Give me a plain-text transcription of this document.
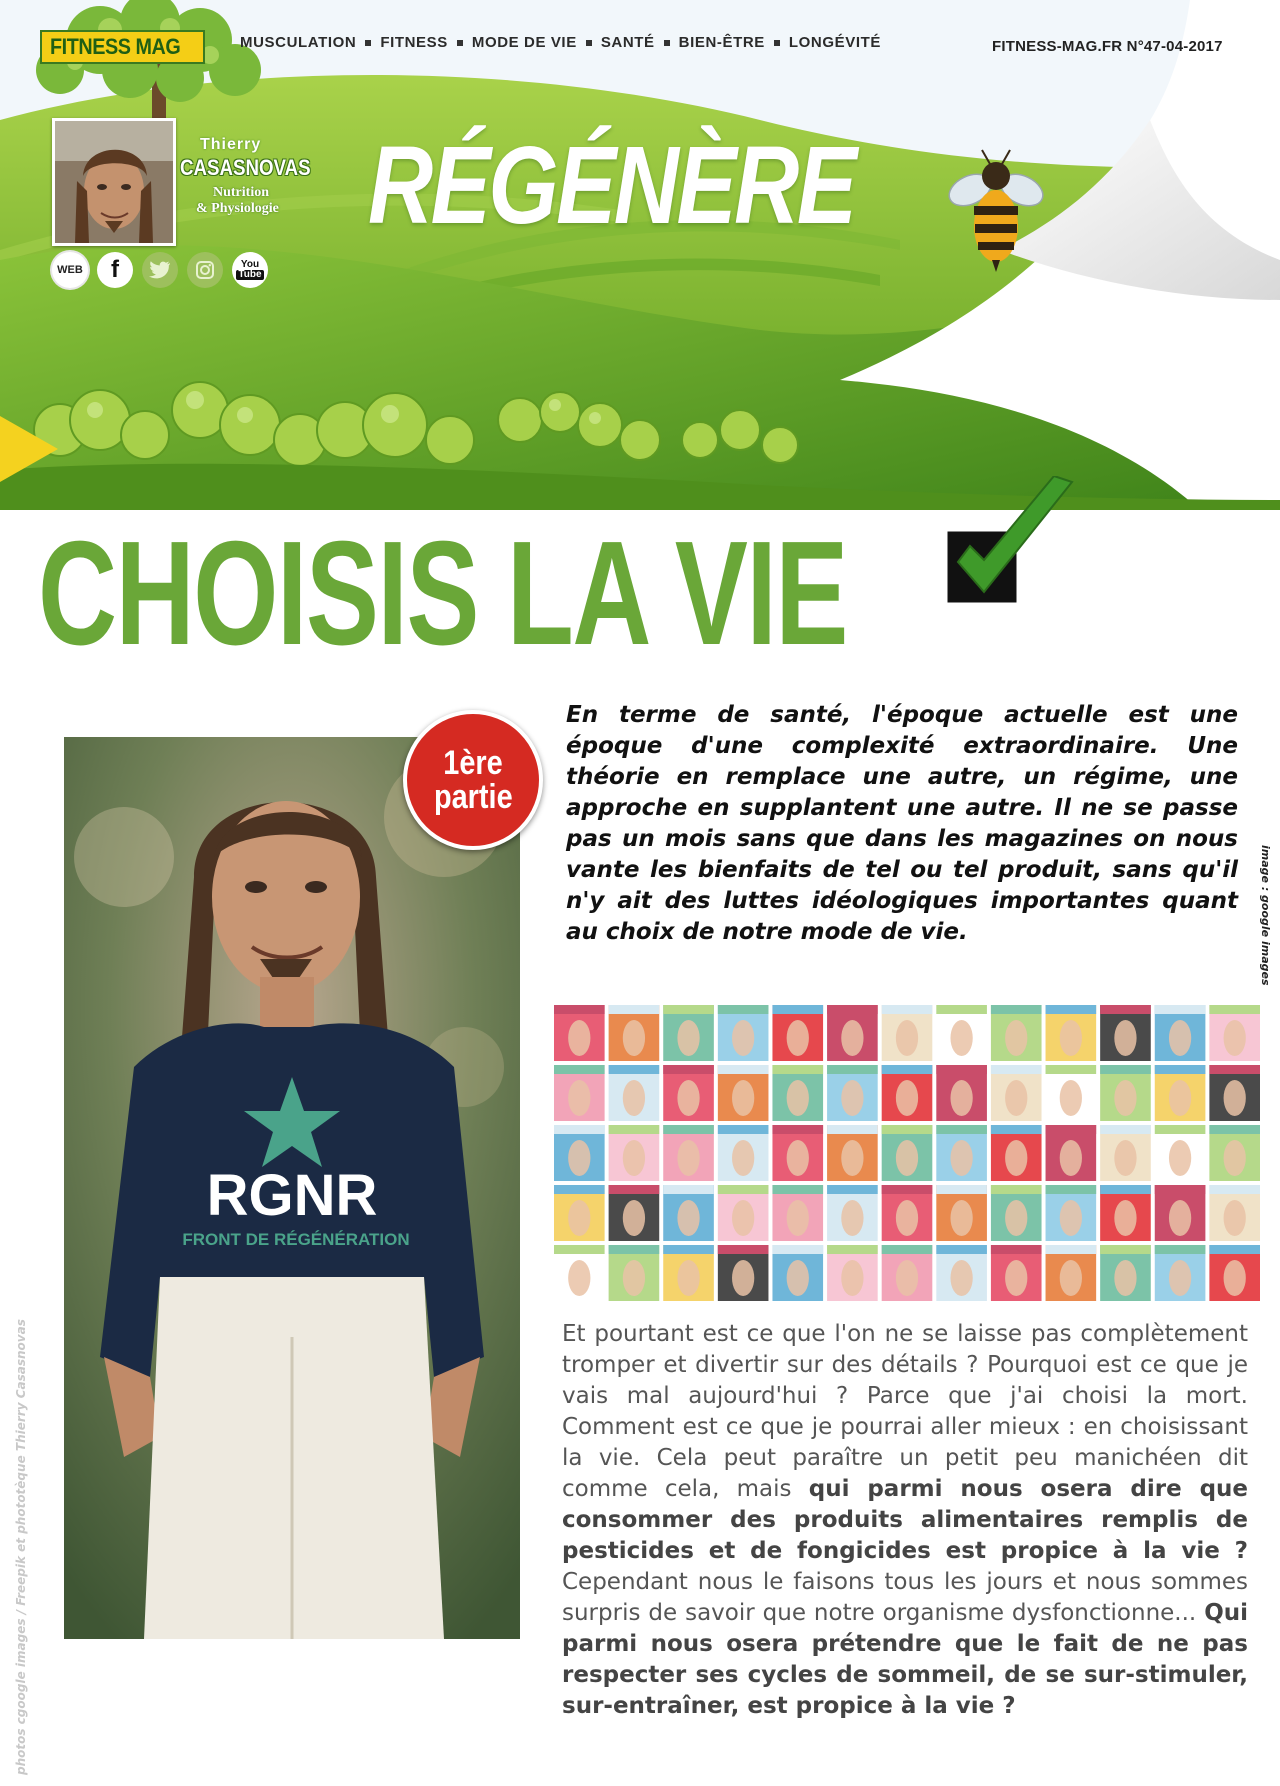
FITNESS MAG	MUSCULATION FITNESS MODE DE VIE SANTÉ BIEN-ÊTRE LONGÉVITÉ	FITNESS-MAG.FR N°47-04-2017
Thierry
CASASNOVAS
Nutrition
& Physiologie
WEB f	You
Tube
RÉGÉNÈRE
CHOISIS LA VIE
RGNR
FRONT DE RÉGÉNÉRATION
1ère
partie
En terme de santé, l'époque actuelle est une époque d'une complexité extraordinaire. Une théorie en remplace une autre, un régime, une approche en supplantent une autre. Il ne se passe pas un mois sans que dans les magazines on nous vante les bienfaits de tel ou tel produit, sans qu'il n'y ait des luttes idéologiques importantes quant au choix de notre mode de vie.	image : google images
photos cgoogle images / Freepik et phototèque Thierry Casasnovas	Et pourtant est ce que l'on ne se laisse pas complètement tromper et divertir sur des détails ? Pourquoi est ce que je vais mal aujourd'hui ? Parce que j'ai choisi la mort. Comment est ce que je pourrai aller mieux : en choisissant la vie. Cela peut paraître un petit peu manichéen dit comme cela, mais qui parmi nous osera dire que consommer des produits alimentaires remplis de pesticides et de fongicides est propice à la vie ? Cependant nous le faisons tous les jours et nous sommes surpris de savoir que notre organisme dysfonctionne... Qui parmi nous osera prétendre que le fait de ne pas respecter ses cycles de sommeil, de se sur-stimuler, sur-entraîner, est propice à la vie ?
